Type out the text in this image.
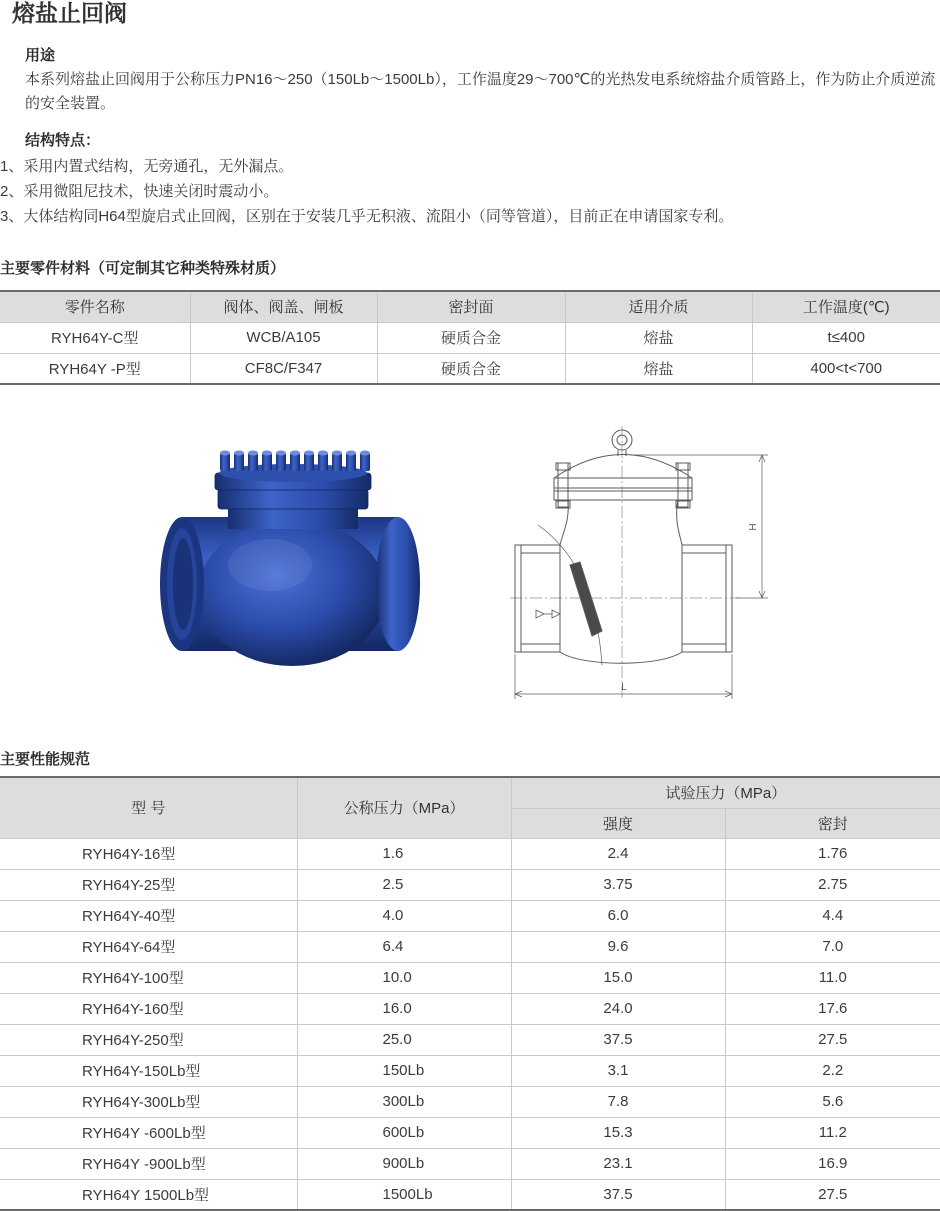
熔盐止回阀
用途
本系列熔盐止回阀用于公称压力PN16～250（150Lb～1500Lb），工作温度29～700℃的光热发电系统熔盐介质管路上，作为防止介质逆流的安全装置。
结构特点：
1、采用内置式结构，无旁通孔，无外漏点。
2、采用微阻尼技术，快速关闭时震动小。
3、大体结构同H64型旋启式止回阀，区别在于安装几乎无积液、流阻小（同等管道），目前正在申请国家专利。
主要零件材料（可定制其它种类特殊材质）
零件名称	阀体、阀盖、闸板	密封面	适用介质	工作温度(℃)
RYH64Y-C型	WCB/A105	硬质合金	熔盐	t≤400
RYH64Y -P型	CF8C/F347	硬质合金	熔盐	400<t<700
H
L
主要性能规范
型 号	公称压力（MPa）	试验压力（MPa）	
		强度	密封
RYH64Y-16型	1.6	2.4	1.76
RYH64Y-25型	2.5	3.75	2.75
RYH64Y-40型	4.0	6.0	4.4
RYH64Y-64型	6.4	9.6	7.0
RYH64Y-100型	10.0	15.0	11.0
RYH64Y-160型	16.0	24.0	17.6
RYH64Y-250型	25.0	37.5	27.5
RYH64Y-150Lb型	150Lb	3.1	2.2
RYH64Y-300Lb型	300Lb	7.8	5.6
RYH64Y -600Lb型	600Lb	15.3	11.2
RYH64Y -900Lb型	900Lb	23.1	16.9
RYH64Y 1500Lb型	1500Lb	37.5	27.5
